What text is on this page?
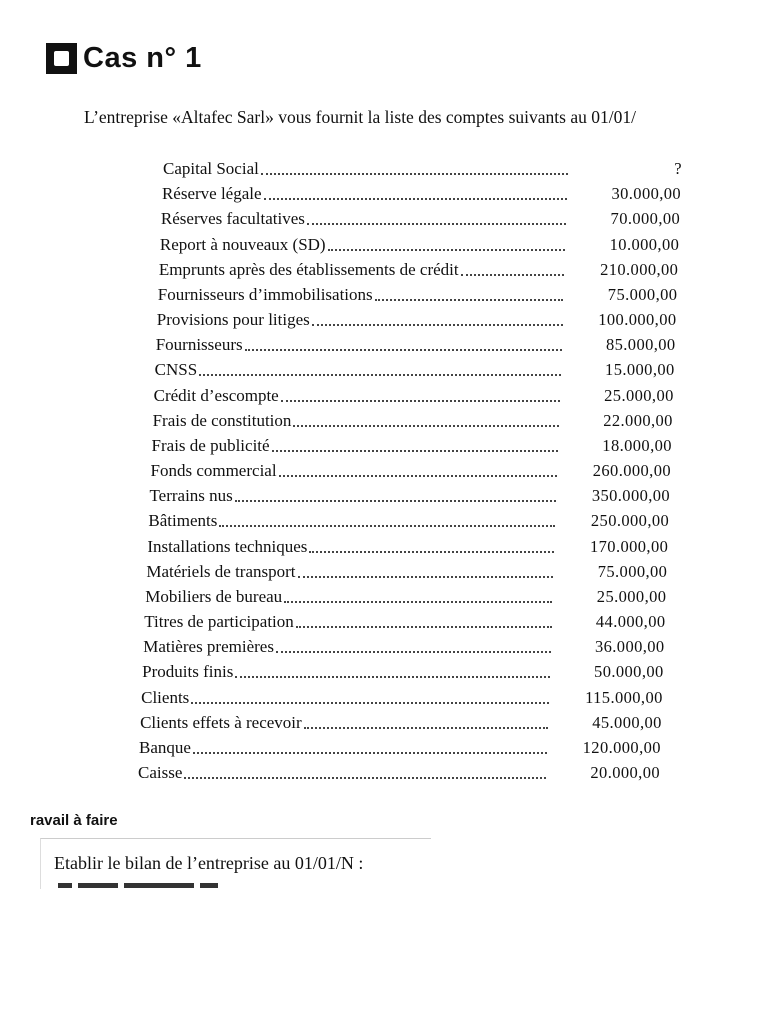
Cas n° 1
L’entreprise «Altafec Sarl» vous fournit la liste des comptes suivants au 01/01/
Capital Social	?
Réserve légale	30.000,00
Réserves facultatives	70.000,00
Report à nouveaux (SD)	10.000,00
Emprunts après des établissements de crédit	210.000,00
Fournisseurs d’immobilisations	75.000,00
Provisions pour litiges	100.000,00
Fournisseurs	85.000,00
CNSS	15.000,00
Crédit d’escompte	25.000,00
Frais de constitution	22.000,00
Frais de publicité	18.000,00
Fonds commercial	260.000,00
Terrains nus	350.000,00
Bâtiments	250.000,00
Installations techniques	170.000,00
Matériels de transport	75.000,00
Mobiliers de bureau	25.000,00
Titres de participation	44.000,00
Matières premières	36.000,00
Produits finis	50.000,00
Clients	115.000,00
Clients effets à recevoir	45.000,00
Banque	120.000,00
Caisse	20.000,00
ravail à faire
Etablir le bilan de l’entreprise au 01/01/N :
